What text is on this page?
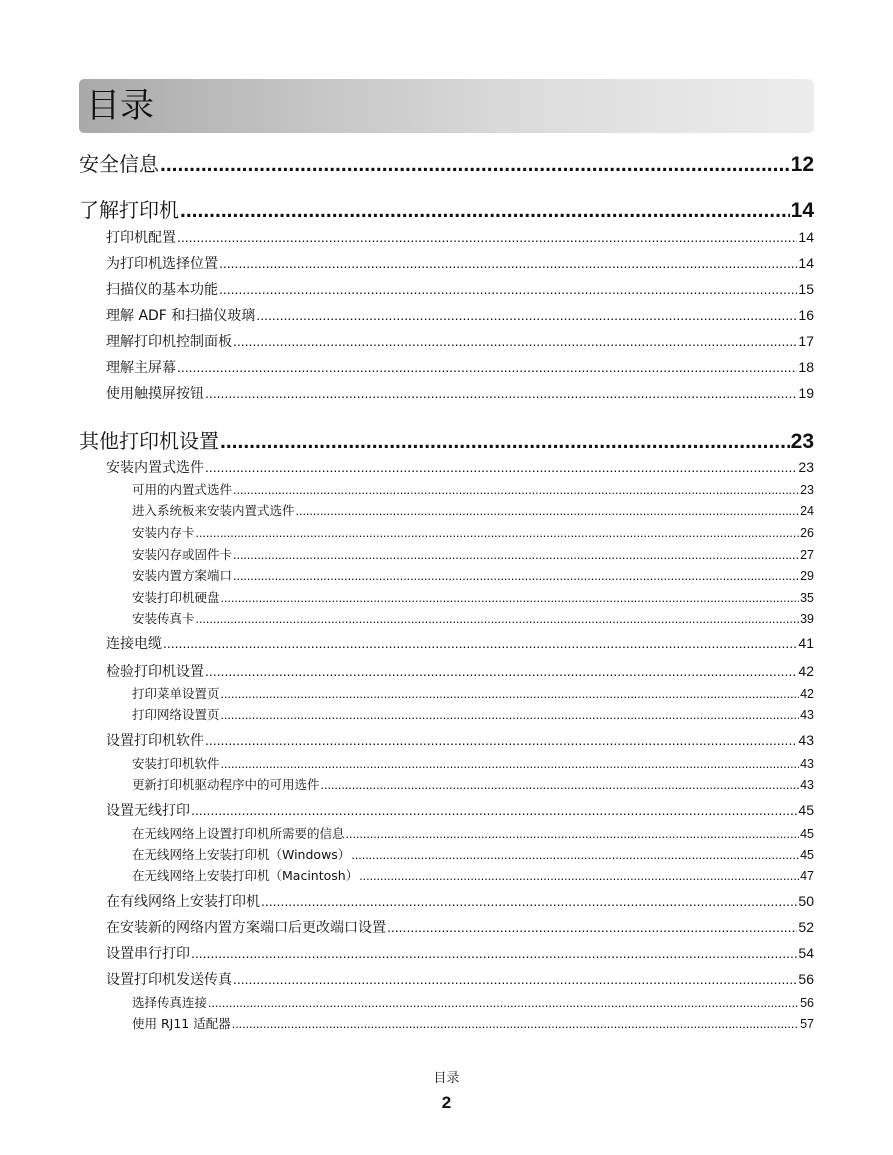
目录
安全信息 .....	12
了解打印机 .....	14
打印机配置 .....	14
为打印机选择位置 .....	14
扫描仪的基本功能 .....	15
理解 ADF 和扫描仪玻璃 .....	16
理解打印机控制面板 .....	17
理解主屏幕 .....	18
使用触摸屏按钮 .....	19
其他打印机设置 .....	23
安装内置式选件 .....	23
可用的内置式选件 .....	23
进入系统板来安装内置式选件 .....	24
安装内存卡 .....	26
安装闪存或固件卡 .....	27
安装内置方案端口 .....	29
安装打印机硬盘 .....	35
安装传真卡 .....	39
连接电缆 .....	41
检验打印机设置 .....	42
打印菜单设置页 .....	42
打印网络设置页 .....	43
设置打印机软件 .....	43
安装打印机软件 .....	43
更新打印机驱动程序中的可用选件 .....	43
设置无线打印 .....	45
在无线网络上设置打印机所需要的信息 .....	45
在无线网络上安装打印机（Windows） .....	45
在无线网络上安装打印机（Macintosh） .....	47
在有线网络上安装打印机 .....	50
在安装新的网络内置方案端口后更改端口设置 .....	52
设置串行打印 .....	54
设置打印机发送传真 .....	56
选择传真连接 .....	56
使用 RJ11 适配器 .....	57
目录
2
